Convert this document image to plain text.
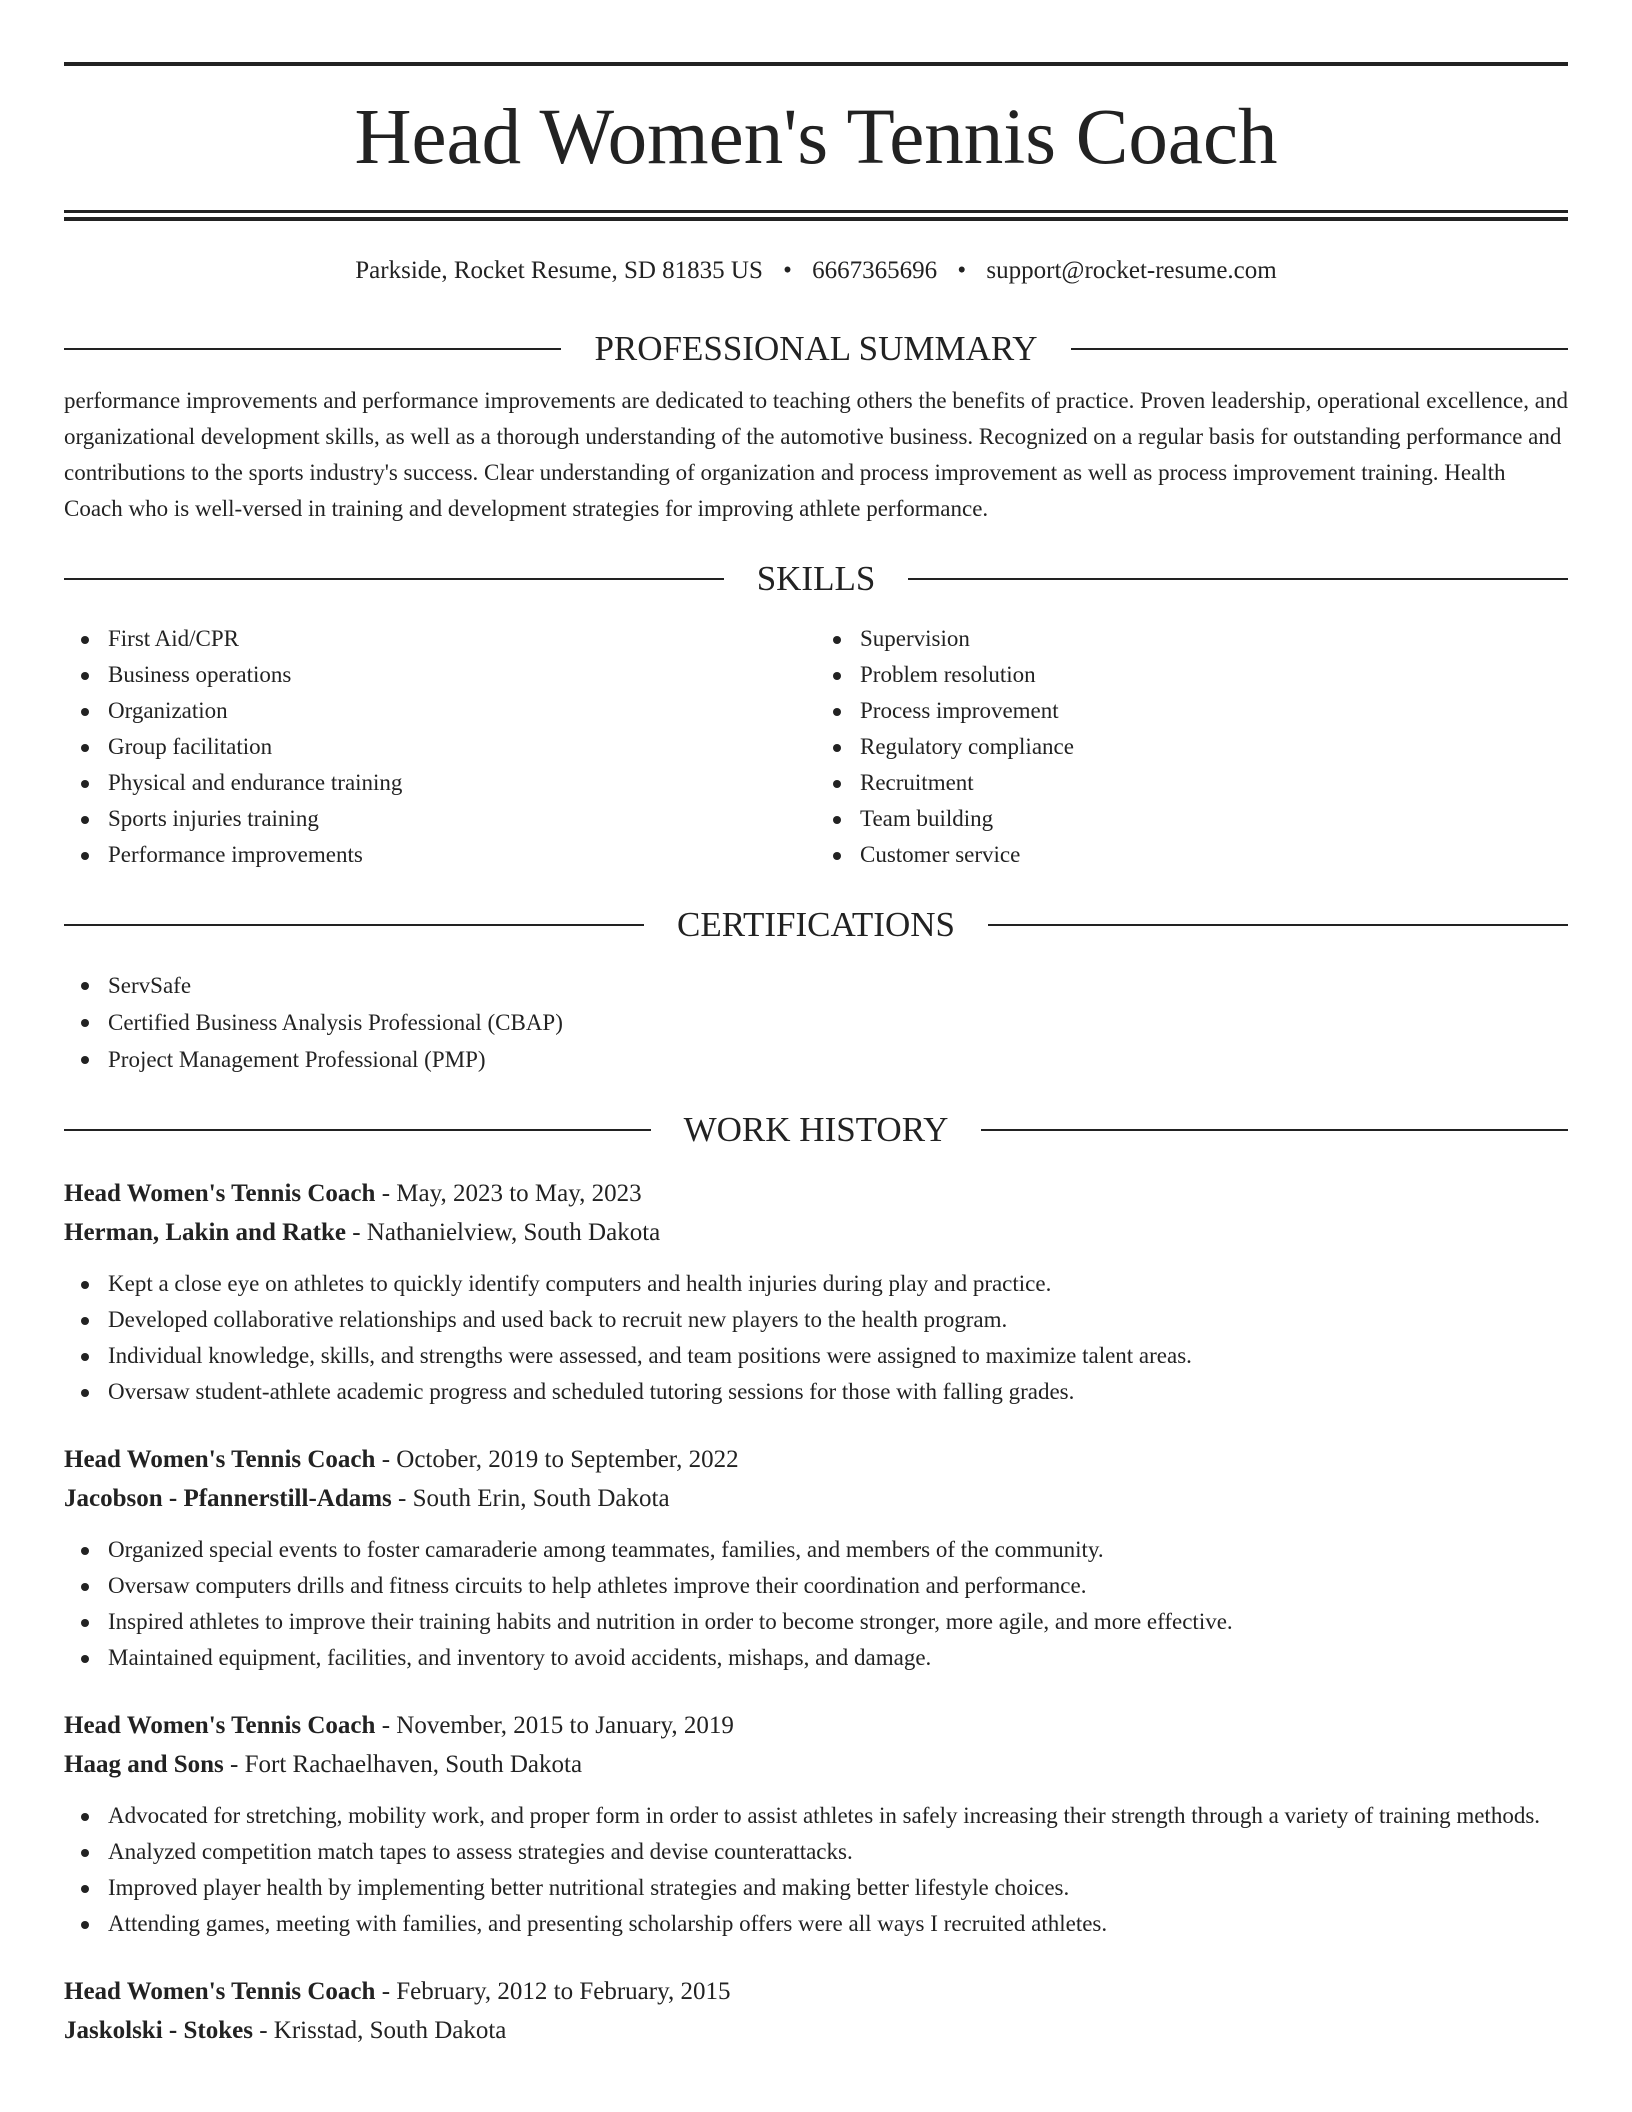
Head Women's Tennis Coach
Parkside, Rocket Resume, SD 81835 US • 6667365696 • support@rocket-resume.com
PROFESSIONAL SUMMARY

performance improvements and performance improvements are dedicated to teaching others the benefits of practice. Proven leadership, operational excellence, and organizational development skills, as well as a thorough understanding of the automotive business. Recognized on a regular basis for outstanding performance and contributions to the sports industry's success. Clear understanding of organization and process improvement as well as process improvement training. Health Coach who is well-versed in training and development strategies for improving athlete performance.

SKILLS
First Aid/CPR
Business operations
Organization
Group facilitation
Physical and endurance training
Sports injuries training
Performance improvements
Supervision
Problem resolution
Process improvement
Regulatory compliance
Recruitment
Team building
Customer service
CERTIFICATIONS
ServSafe
Certified Business Analysis Professional (CBAP)
Project Management Professional (PMP)
WORK HISTORY
Head Women's Tennis Coach - May, 2023 to May, 2023
Herman, Lakin and Ratke - Nathanielview, South Dakota
Kept a close eye on athletes to quickly identify computers and health injuries during play and practice.
Developed collaborative relationships and used back to recruit new players to the health program.
Individual knowledge, skills, and strengths were assessed, and team positions were assigned to maximize talent areas.
Oversaw student-athlete academic progress and scheduled tutoring sessions for those with falling grades.
Head Women's Tennis Coach - October, 2019 to September, 2022
Jacobson - Pfannerstill-Adams - South Erin, South Dakota
Organized special events to foster camaraderie among teammates, families, and members of the community.
Oversaw computers drills and fitness circuits to help athletes improve their coordination and performance.
Inspired athletes to improve their training habits and nutrition in order to become stronger, more agile, and more effective.
Maintained equipment, facilities, and inventory to avoid accidents, mishaps, and damage.
Head Women's Tennis Coach - November, 2015 to January, 2019
Haag and Sons - Fort Rachaelhaven, South Dakota
Advocated for stretching, mobility work, and proper form in order to assist athletes in safely increasing their strength through a variety of training methods.
Analyzed competition match tapes to assess strategies and devise counterattacks.
Improved player health by implementing better nutritional strategies and making better lifestyle choices.
Attending games, meeting with families, and presenting scholarship offers were all ways I recruited athletes.
Head Women's Tennis Coach - February, 2012 to February, 2015
Jaskolski - Stokes - Krisstad, South Dakota
